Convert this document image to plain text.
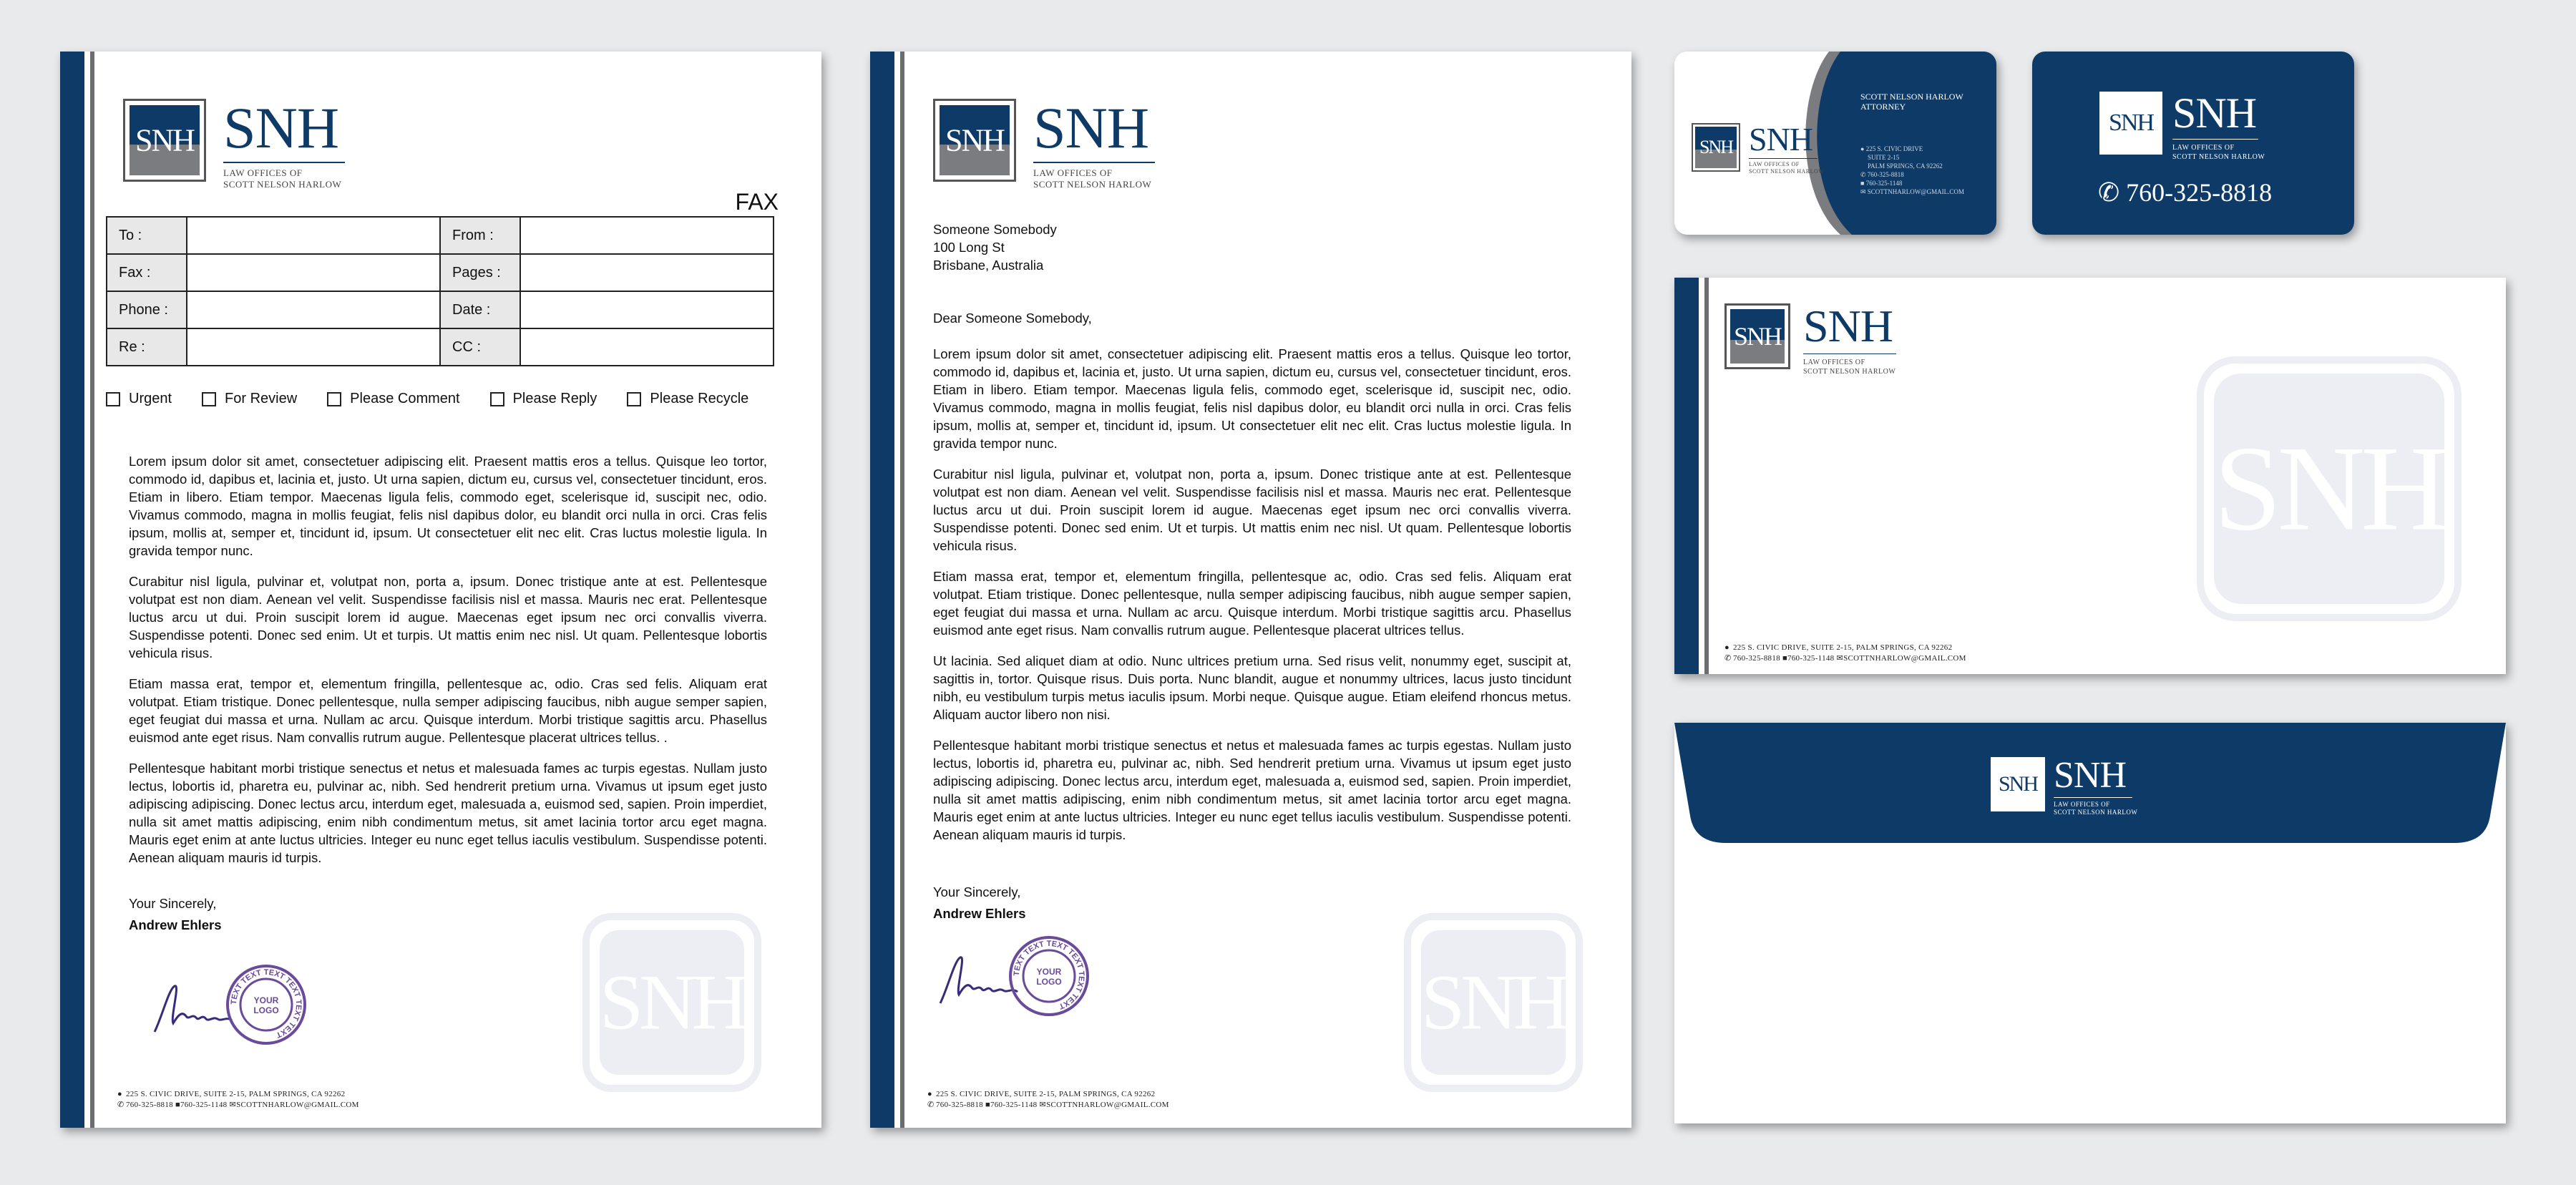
SNH SNH
LAW OFFICES OF
SCOTT NELSON HARLOW
FAX
To :		From :	
Fax :		Pages :	
Phone :		Date :	
Re :		CC :	
Urgent	For Review	Please Comment	Please Reply	Please Recycle

Lorem ipsum dolor sit amet, consectetuer adipiscing elit. Praesent mattis eros a tellus. Quisque leo tortor, commodo id, dapibus et, lacinia et, justo. Ut urna sapien, dictum eu, cursus vel, consectetuer tincidunt, eros. Etiam in libero. Etiam tempor. Maecenas ligula felis, commodo eget, scelerisque id, suscipit nec, odio. Vivamus commodo, magna in mollis feugiat, felis nisl dapibus dolor, eu blandit orci nulla in orci. Cras felis ipsum, mollis at, semper et, tincidunt id, ipsum. Ut consectetuer elit nec elit. Cras luctus molestie ligula. In gravida tempor nunc.

Curabitur nisl ligula, pulvinar et, volutpat non, porta a, ipsum. Donec tristique ante at est. Pellentesque volutpat est non diam. Aenean vel velit. Suspendisse facilisis nisl et massa. Mauris nec erat. Pellentesque luctus arcu ut dui. Proin suscipit lorem id augue. Maecenas eget ipsum nec orci convallis viverra. Suspendisse potenti. Donec sed enim. Ut et turpis. Ut mattis enim nec nisl. Ut quam. Pellentesque lobortis vehicula risus.

Etiam massa erat, tempor et, elementum fringilla, pellentesque ac, odio. Cras sed felis. Aliquam erat volutpat. Etiam tristique. Donec pellentesque, nulla semper adipiscing faucibus, nibh augue semper sapien, eget feugiat dui massa et urna. Nullam ac arcu. Quisque interdum. Morbi tristique sagittis arcu. Phasellus euismod ante eget risus. Nam convallis rutrum augue. Pellentesque placerat ultrices tellus. .

Pellentesque habitant morbi tristique senectus et netus et malesuada fames ac turpis egestas. Nullam justo lectus, lobortis id, pharetra eu, pulvinar ac, nibh. Sed hendrerit pretium urna. Vivamus ut ipsum eget justo adipiscing adipiscing. Donec lectus arcu, interdum eget, malesuada a, euismod sed, sapien. Proin imperdiet, nulla sit amet mattis adipiscing, enim nibh condimentum metus, sit amet lacinia tortor arcu eget magna. Mauris eget enim at ante luctus ultricies. Integer eu nunc eget tellus iaculis vestibulum. Suspendisse potenti. Aenean aliquam mauris id turpis.

Your Sincerely,
Andrew Ehlers
TEXT TEXT TEXT TEXT TEXT TEXT
YOUR
LOGO	SNH
● 225 S. CIVIC DRIVE, SUITE 2-15, PALM SPRINGS, CA 92262
✆ 760-325-8818 ■760-325-1148 ✉SCOTTNHARLOW@GMAIL.COM
SNH SNH
LAW OFFICES OF
SCOTT NELSON HARLOW
Someone Somebody
100 Long St
Brisbane, Australia
Dear Someone Somebody,

Lorem ipsum dolor sit amet, consectetuer adipiscing elit. Praesent mattis eros a tellus. Quisque leo tortor, commodo id, dapibus et, lacinia et, justo. Ut urna sapien, dictum eu, cursus vel, consectetuer tincidunt, eros. Etiam in libero. Etiam tempor. Maecenas ligula felis, commodo eget, scelerisque id, suscipit nec, odio. Vivamus commodo, magna in mollis feugiat, felis nisl dapibus dolor, eu blandit orci nulla in orci. Cras felis ipsum, mollis at, semper et, tincidunt id, ipsum. Ut consectetuer elit nec elit. Cras luctus molestie ligula. In gravida tempor nunc.

Curabitur nisl ligula, pulvinar et, volutpat non, porta a, ipsum. Donec tristique ante at est. Pellentesque volutpat est non diam. Aenean vel velit. Suspendisse facilisis nisl et massa. Mauris nec erat. Pellentesque luctus arcu ut dui. Proin suscipit lorem id augue. Maecenas eget ipsum nec orci convallis viverra. Suspendisse potenti. Donec sed enim. Ut et turpis. Ut mattis enim nec nisl. Ut quam. Pellentesque lobortis vehicula risus.

Etiam massa erat, tempor et, elementum fringilla, pellentesque ac, odio. Cras sed felis. Aliquam erat volutpat. Etiam tristique. Donec pellentesque, nulla semper adipiscing faucibus, nibh augue semper sapien, eget feugiat dui massa et urna. Nullam ac arcu. Quisque interdum. Morbi tristique sagittis arcu. Phasellus euismod ante eget risus. Nam convallis rutrum augue. Pellentesque placerat ultrices tellus.

Ut lacinia. Sed aliquet diam at odio. Nunc ultrices pretium urna. Sed risus velit, nonummy eget, suscipit at, sagittis in, tortor. Quisque risus. Duis porta. Nunc blandit, augue et nonummy ultrices, lacus justo tincidunt nibh, eu vestibulum turpis metus iaculis ipsum. Morbi neque. Quisque augue. Etiam eleifend rhoncus metus. Aliquam auctor libero non nisi.

Pellentesque habitant morbi tristique senectus et netus et malesuada fames ac turpis egestas. Nullam justo lectus, lobortis id, pharetra eu, pulvinar ac, nibh. Sed hendrerit pretium urna. Vivamus ut ipsum eget justo adipiscing adipiscing. Donec lectus arcu, interdum eget, malesuada a, euismod sed, sapien. Proin imperdiet, nulla sit amet mattis adipiscing, enim nibh condimentum metus, sit amet lacinia tortor arcu eget magna. Mauris eget enim at ante luctus ultricies. Integer eu nunc eget tellus iaculis vestibulum. Suspendisse potenti. Aenean aliquam mauris id turpis.

Your Sincerely,
Andrew Ehlers
TEXT TEXT TEXT TEXT TEXT TEXT
YOUR
LOGO	SNH
● 225 S. CIVIC DRIVE, SUITE 2-15, PALM SPRINGS, CA 92262
✆ 760-325-8818 ■760-325-1148 ✉SCOTTNHARLOW@GMAIL.COM
SNH SNH
LAW OFFICES OF
SCOTT NELSON HARLOW
SCOTT NELSON HARLOW
ATTORNEY
● 225 S. CIVIC DRIVE
SUITE 2-15
PALM SPRINGS, CA 92262
✆ 760-325-8818
■ 760-325-1148
✉ SCOTTNHARLOW@GMAIL.COM
SNH SNH
LAW OFFICES OF
SCOTT NELSON HARLOW
✆ 760-325-8818
SNH SNH
LAW OFFICES OF
SCOTT NELSON HARLOW
SNH
● 225 S. CIVIC DRIVE, SUITE 2-15, PALM SPRINGS, CA 92262
✆ 760-325-8818 ■760-325-1148 ✉SCOTTNHARLOW@GMAIL.COM
SNH SNH
LAW OFFICES OF
SCOTT NELSON HARLOW
